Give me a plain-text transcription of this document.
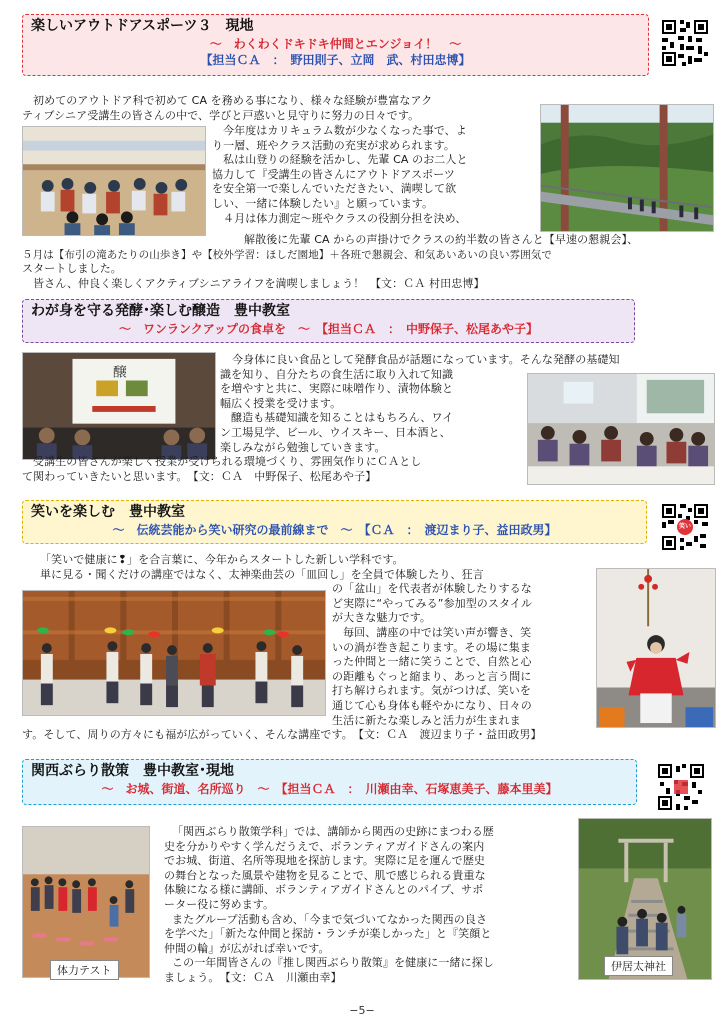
楽しいアウトドアスポーツ３　現地
～　わくわくドキドキ仲間とエンジョイ！　～
【担当ＣＡ　：　野田則子、立岡　武、村田忠博】

初めてのアウトドア科で初めて CA を務める事になり、様々な経験が豊富なアク

ティブシニア受講生の皆さんの中で、学びと戸惑いと見守りに努力の日々です。

今年度はカリキュラム数が少なくなった事で、よ

り一層、班やクラス活動の充実が求められます。

私は山登りの経験を活かし、先輩 CA のお二人と

協力して『受講生の皆さんにアウトドアスポーツ

を安全第一で楽しんでいただきたい、満喫して欲

しい、一緒に体験したい』と願っています。

４月は体力測定～班やクラスの役割分担を決め、

解散後に先輩 CA からの声掛けでクラスの約半数の皆さんと【早速の懇親会】、

５月は【布引の滝あたりの山歩き】や【校外学習：ほしだ園地】＋各班で懇親会、和気あいあいの良い雰囲気で

スタートしました。

皆さん、仲良く楽しくアクティブシニアライフを満喫しましょう！　【文：ＣＡ 村田忠博】

わが身を守る発酵･楽しむ醸造　豊中教室
～　ワンランクアップの食卓を　～　【担当ＣＡ　：　中野保子、松尾あや子】
醸

今身体に良い食品として発酵食品が話題になっています。そんな発酵の基礎知

識を知り、自分たちの食生活に取り入れて知識

を増やすと共に、実際に味噌作り、漬物体験と

幅広く授業を受けます。

醸造も基礎知識を知ることはもちろん、ワイ

ン工場見学、ビール、ウイスキー、日本酒と、

楽しみながら勉強していきます。

受講生の皆さんが楽しく授業が受けられる環境づくり、雰囲気作りにＣＡとし

て関わっていきたいと思います。　【文：ＣＡ　中野保子、松尾あや子】

笑いを楽しむ　豊中教室
～　伝統芸能から笑い研究の最前線まで　～　【ＣＡ　：　渡辺まり子、益田政男】	笑い

「笑いで健康に❢」を合言葉に、今年からスタートした新しい学科です。

単に見る・聞くだけの講座ではなく、太神楽曲芸の「皿回し」を全員で体験したり、狂言

の「盆山」を代表者が体験したりするな

ど実際に“やってみる”参加型のスタイル

が大きな魅力です。

毎回、講座の中では笑い声が響き、笑

いの渦が巻き起こります。その場に集ま

った仲間と一緒に笑うことで、自然と心

の距離もぐっと縮まり、あっと言う間に

打ち解けられます。気がつけば、笑いを

通じて心も身体も軽やかになり、日々の

生活に新たな楽しみと活力が生まれま

す。そして、周りの方々にも福が広がっていく、そんな講座です。　【文：ＣＡ　渡辺まり子・益田政男】

関西ぶらり散策　豊中教室･現地
～　お城、街道、名所巡り　～　【担当ＣＡ　：　川瀬由幸、石塚恵美子、藤本里美】
体力テスト	伊居太神社

「関西ぶらり散策学科」では、講師から関西の史跡にまつわる歴

史を分かりやすく学んだうえで、ボランティアガイドさんの案内

でお城、街道、名所等現地を探訪します。実際に足を運んで歴史

の舞台となった風景や建物を見ることで、肌で感じられる貴重な

体験になる様に講師、ボランティアガイドさんとのパイプ、サポ

ーター役に努めます。

またグループ活動も含め、「今まで気づいてなかった関西の良さ

を学べた」「新たな仲間と探訪・ランチが楽しかった」と『笑顔と

仲間の輪』が広がれば幸いです。

この一年間皆さんの『推し関西ぶらり散策』を健康に一緒に探し

ましょう。　【文：ＣＡ　川瀬由幸】

−5−
